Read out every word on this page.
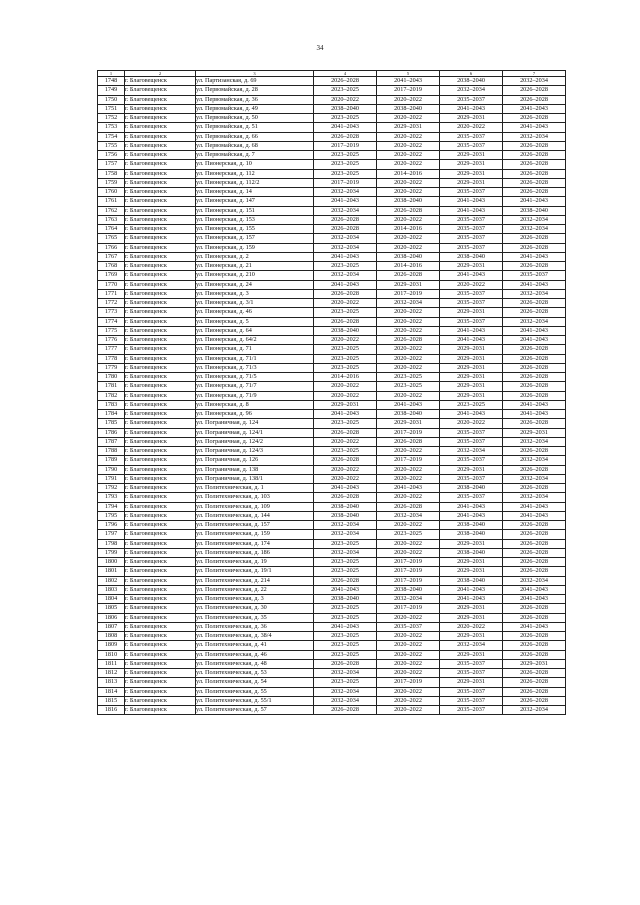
34
1	2	3	4	5	6	7
1748	г. Благовещенск	ул. Партизанская, д. 69	2026–2028	2041–2043	2038–2040	2032–2034
1749	г. Благовещенск	ул. Первомайская, д. 28	2023–2025	2017–2019	2032–2034	2026–2028
1750	г. Благовещенск	ул. Первомайская, д. 36	2020–2022	2020–2022	2035–2037	2026–2028
1751	г. Благовещенск	ул. Первомайская, д. 49	2038–2040	2038–2040	2041–2043	2041–2043
1752	г. Благовещенск	ул. Первомайская, д. 50	2023–2025	2020–2022	2029–2031	2026–2028
1753	г. Благовещенск	ул. Первомайская, д. 51	2041–2043	2029–2031	2020–2022	2041–2043
1754	г. Благовещенск	ул. Первомайская, д. 66	2026–2028	2020–2022	2035–2037	2032–2034
1755	г. Благовещенск	ул. Первомайская, д. 68	2017–2019	2020–2022	2035–2037	2026–2028
1756	г. Благовещенск	ул. Первомайская, д. 7	2023–2025	2020–2022	2029–2031	2026–2028
1757	г. Благовещенск	ул. Пионерская, д. 10	2023–2025	2020–2022	2029–2031	2026–2028
1758	г. Благовещенск	ул. Пионерская, д. 112	2023–2025	2014–2016	2029–2031	2026–2028
1759	г. Благовещенск	ул. Пионерская, д. 112/2	2017–2019	2020–2022	2029–2031	2026–2028
1760	г. Благовещенск	ул. Пионерская, д. 14	2032–2034	2020–2022	2035–2037	2026–2028
1761	г. Благовещенск	ул. Пионерская, д. 147	2041–2043	2038–2040	2041–2043	2041–2043
1762	г. Благовещенск	ул. Пионерская, д. 151	2032–2034	2026–2028	2041–2043	2038–2040
1763	г. Благовещенск	ул. Пионерская, д. 153	2026–2028	2020–2022	2035–2037	2032–2034
1764	г. Благовещенск	ул. Пионерская, д. 155	2026–2028	2014–2016	2035–2037	2032–2034
1765	г. Благовещенск	ул. Пионерская, д. 157	2032–2034	2020–2022	2035–2037	2026–2028
1766	г. Благовещенск	ул. Пионерская, д. 159	2032–2034	2020–2022	2035–2037	2026–2028
1767	г. Благовещенск	ул. Пионерская, д. 2	2041–2043	2038–2040	2038–2040	2041–2043
1768	г. Благовещенск	ул. Пионерская, д. 21	2023–2025	2014–2016	2029–2031	2026–2028
1769	г. Благовещенск	ул. Пионерская, д. 210	2032–2034	2026–2028	2041–2043	2035–2037
1770	г. Благовещенск	ул. Пионерская, д. 24	2041–2043	2029–2031	2020–2022	2041–2043
1771	г. Благовещенск	ул. Пионерская, д. 3	2026–2028	2017–2019	2035–2037	2032–2034
1772	г. Благовещенск	ул. Пионерская, д. 3/1	2020–2022	2032–2034	2035–2037	2026–2028
1773	г. Благовещенск	ул. Пионерская, д. 46	2023–2025	2020–2022	2029–2031	2026–2028
1774	г. Благовещенск	ул. Пионерская, д. 5	2026–2028	2020–2022	2035–2037	2032–2034
1775	г. Благовещенск	ул. Пионерская, д. 64	2038–2040	2020–2022	2041–2043	2041–2043
1776	г. Благовещенск	ул. Пионерская, д. 64/2	2020–2022	2026–2028	2041–2043	2041–2043
1777	г. Благовещенск	ул. Пионерская, д. 71	2023–2025	2020–2022	2029–2031	2026–2028
1778	г. Благовещенск	ул. Пионерская, д. 71/1	2023–2025	2020–2022	2029–2031	2026–2028
1779	г. Благовещенск	ул. Пионерская, д. 71/3	2023–2025	2020–2022	2029–2031	2026–2028
1780	г. Благовещенск	ул. Пионерская, д. 71/5	2014–2016	2023–2025	2029–2031	2026–2028
1781	г. Благовещенск	ул. Пионерская, д. 71/7	2020–2022	2023–2025	2029–2031	2026–2028
1782	г. Благовещенск	ул. Пионерская, д. 71/9	2020–2022	2020–2022	2029–2031	2026–2028
1783	г. Благовещенск	ул. Пионерская, д. 8	2029–2031	2041–2043	2023–2025	2041–2043
1784	г. Благовещенск	ул. Пионерская, д. 96	2041–2043	2038–2040	2041–2043	2041–2043
1785	г. Благовещенск	ул. Пограничная, д. 124	2023–2025	2029–2031	2020–2022	2026–2028
1786	г. Благовещенск	ул. Пограничная, д. 124/1	2026–2028	2017–2019	2035–2037	2029–2031
1787	г. Благовещенск	ул. Пограничная, д. 124/2	2020–2022	2026–2028	2035–2037	2032–2034
1788	г. Благовещенск	ул. Пограничная, д. 124/3	2023–2025	2020–2022	2032–2034	2026–2028
1789	г. Благовещенск	ул. Пограничная, д. 126	2026–2028	2017–2019	2035–2037	2032–2034
1790	г. Благовещенск	ул. Пограничная, д. 138	2020–2022	2020–2022	2029–2031	2026–2028
1791	г. Благовещенск	ул. Пограничная, д. 138/1	2020–2022	2020–2022	2035–2037	2032–2034
1792	г. Благовещенск	ул. Политехническая, д. 1	2041–2043	2041–2043	2038–2040	2026–2028
1793	г. Благовещенск	ул. Политехническая, д. 103	2026–2028	2020–2022	2035–2037	2032–2034
1794	г. Благовещенск	ул. Политехническая, д. 109	2038–2040	2026–2028	2041–2043	2041–2043
1795	г. Благовещенск	ул. Политехническая, д. 144	2038–2040	2032–2034	2041–2043	2041–2043
1796	г. Благовещенск	ул. Политехническая, д. 157	2032–2034	2020–2022	2038–2040	2026–2028
1797	г. Благовещенск	ул. Политехническая, д. 159	2032–2034	2023–2025	2038–2040	2026–2028
1798	г. Благовещенск	ул. Политехническая, д. 174	2023–2025	2020–2022	2029–2031	2026–2028
1799	г. Благовещенск	ул. Политехническая, д. 186	2032–2034	2020–2022	2038–2040	2026–2028
1800	г. Благовещенск	ул. Политехническая, д. 19	2023–2025	2017–2019	2029–2031	2026–2028
1801	г. Благовещенск	ул. Политехническая, д. 19/1	2023–2025	2017–2019	2029–2031	2026–2028
1802	г. Благовещенск	ул. Политехническая, д. 214	2026–2028	2017–2019	2038–2040	2032–2034
1803	г. Благовещенск	ул. Политехническая, д. 22	2041–2043	2038–2040	2041–2043	2041–2043
1804	г. Благовещенск	ул. Политехническая, д. 3	2038–2040	2032–2034	2041–2043	2041–2043
1805	г. Благовещенск	ул. Политехническая, д. 30	2023–2025	2017–2019	2029–2031	2026–2028
1806	г. Благовещенск	ул. Политехническая, д. 35	2023–2025	2020–2022	2029–2031	2026–2028
1807	г. Благовещенск	ул. Политехническая, д. 36	2041–2043	2035–2037	2020–2022	2041–2043
1808	г. Благовещенск	ул. Политехническая, д. 38/4	2023–2025	2020–2022	2029–2031	2026–2028
1809	г. Благовещенск	ул. Политехническая, д. 41	2023–2025	2020–2022	2032–2034	2026–2028
1810	г. Благовещенск	ул. Политехническая, д. 46	2023–2025	2020–2022	2029–2031	2026–2028
1811	г. Благовещенск	ул. Политехническая, д. 48	2026–2028	2020–2022	2035–2037	2029–2031
1812	г. Благовещенск	ул. Политехническая, д. 53	2032–2034	2020–2022	2035–2037	2026–2028
1813	г. Благовещенск	ул. Политехническая, д. 54	2023–2025	2017–2019	2029–2031	2026–2028
1814	г. Благовещенск	ул. Политехническая, д. 55	2032–2034	2020–2022	2035–2037	2026–2028
1815	г. Благовещенск	ул. Политехническая, д. 55/1	2032–2034	2020–2022	2035–2037	2026–2028
1816	г. Благовещенск	ул. Политехническая, д. 57	2026–2028	2020–2022	2035–2037	2032–2034
